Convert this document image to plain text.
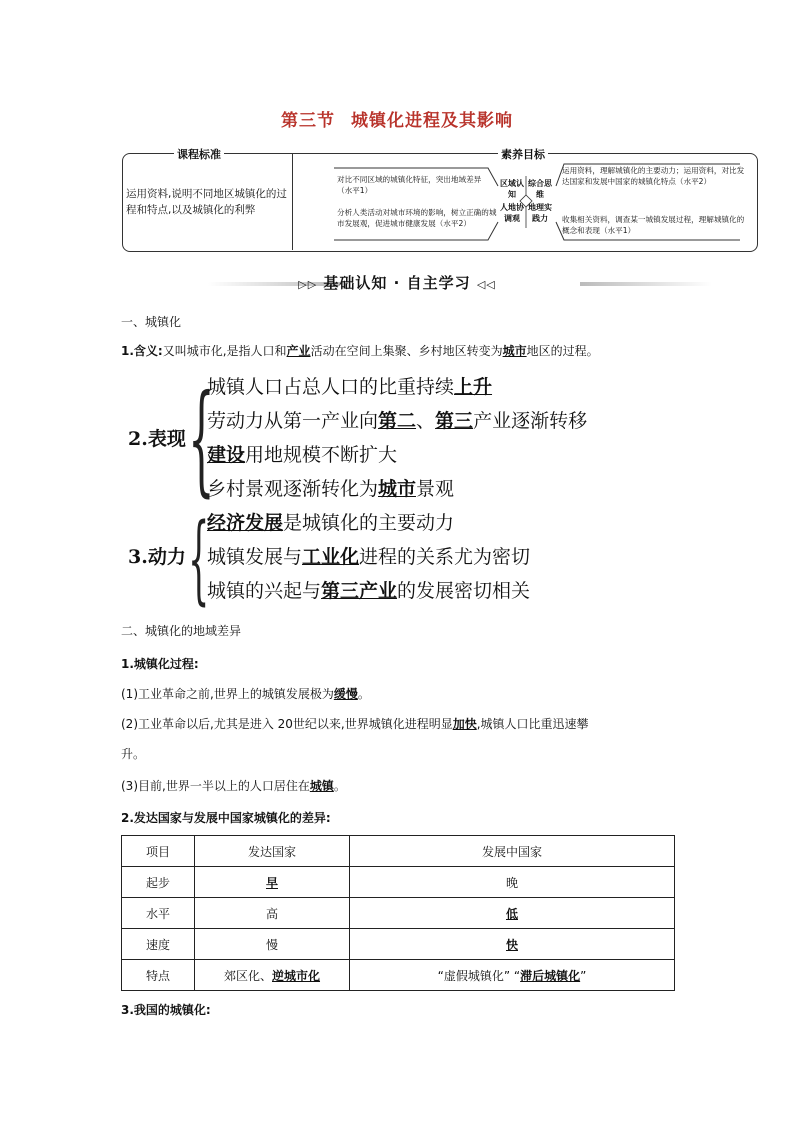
第三节 城镇化进程及其影响
课程标准	素养目标
运用资料,说明不同地区城镇化的过程和特点,以及城镇化的利弊
对比不同区域的城镇化特征，突出地域差异（水平1）
分析人类活动对城市环境的影响，树立正确的城市发展观，促进城市健康发展（水平2）
区域认知
综合思维
人地协调观
地理实践力
运用资料，理解城镇化的主要动力；运用资料，对比发达国家和发展中国家的城镇化特点（水平2）
收集相关资料，调查某一城镇发展过程，理解城镇化的概念和表现（水平1）
▷▷ 基础认知 · 自主学习 ◁◁
一、城镇化
1.含义:又叫城市化,是指人口和产业活动在空间上集聚、乡村地区转变为城市地区的过程。
2.表现 {
城镇人口占总人口的比重持续上升
劳动力从第一产业向第二、第三产业逐渐转移
建设用地规模不断扩大
乡村景观逐渐转化为城市景观
3.动力 {
经济发展是城镇化的主要动力
城镇发展与工业化进程的关系尤为密切
城镇的兴起与第三产业的发展密切相关
二、城镇化的地域差异
1.城镇化过程:
(1)工业革命之前,世界上的城镇发展极为缓慢。
(2)工业革命以后,尤其是进入 20世纪以来,世界城镇化进程明显加快,城镇人口比重迅速攀
升。
(3)目前,世界一半以上的人口居住在城镇。
2.发达国家与发展中国家城镇化的差异:
项目	发达国家	发展中国家
起步	早	晚
水平	高	低
速度	慢	快
特点	郊区化、逆城市化	“虚假城镇化” “滞后城镇化”
3.我国的城镇化:
